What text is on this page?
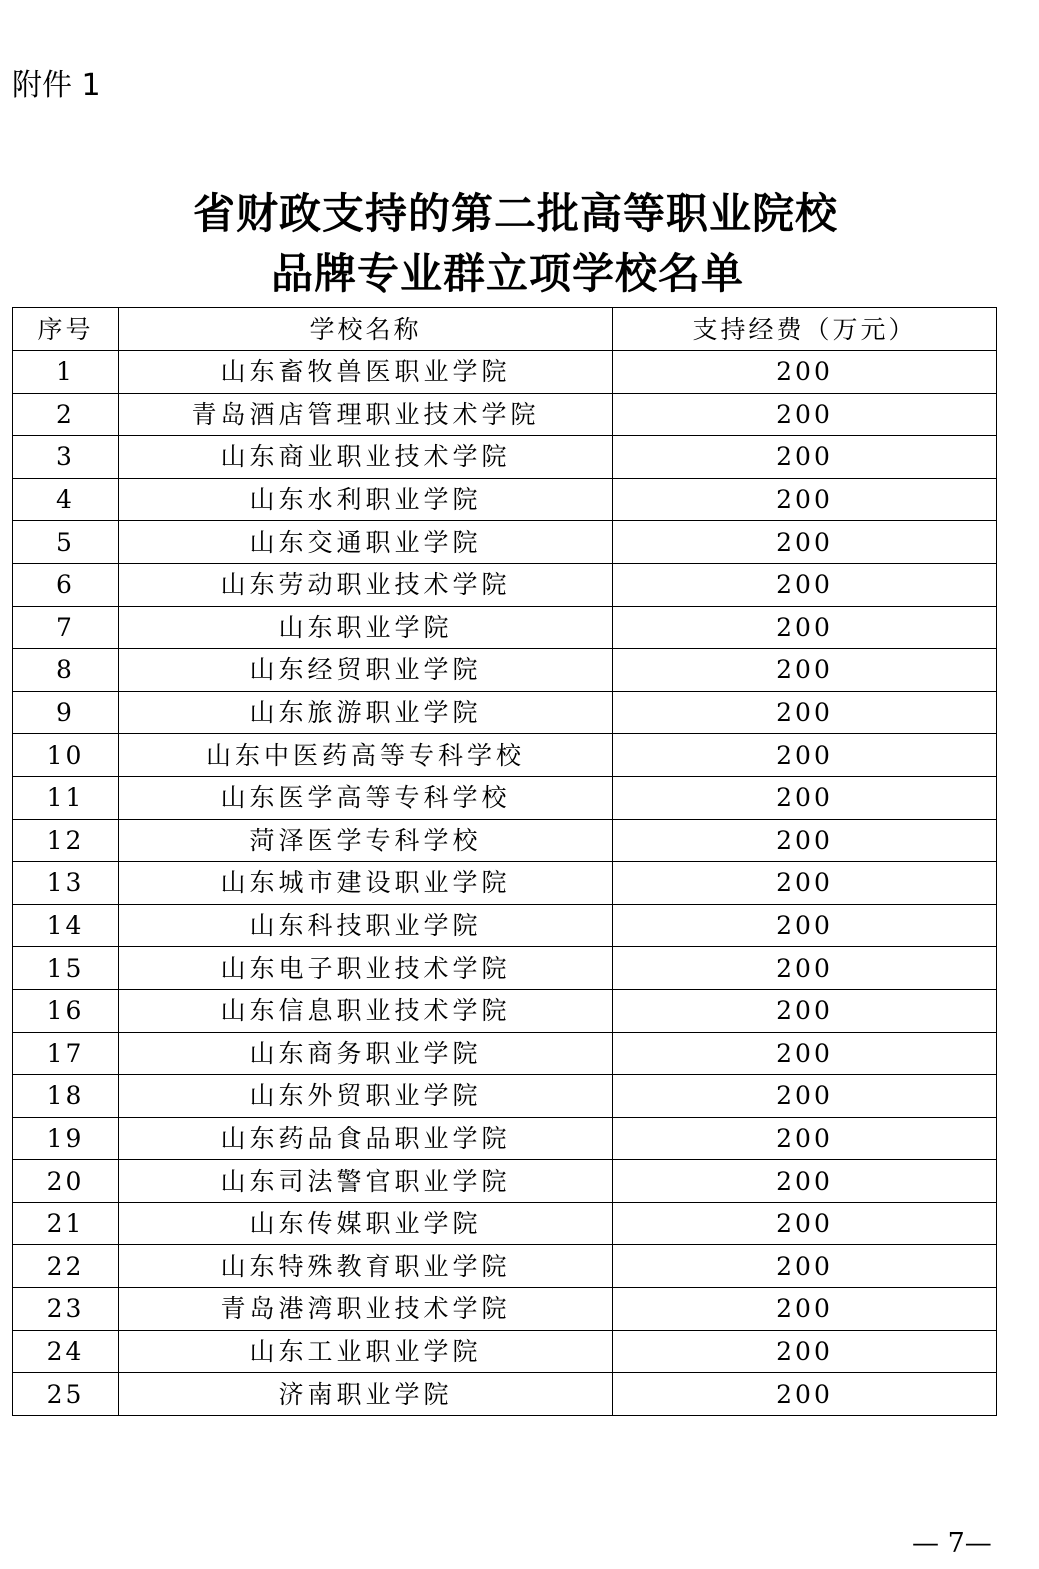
附件 1
省财政支持的第二批高等职业院校
品牌专业群立项学校名单
序号	学校名称	支持经费（万元）
1	山东畜牧兽医职业学院	200
2	青岛酒店管理职业技术学院	200
3	山东商业职业技术学院	200
4	山东水利职业学院	200
5	山东交通职业学院	200
6	山东劳动职业技术学院	200
7	山东职业学院	200
8	山东经贸职业学院	200
9	山东旅游职业学院	200
10	山东中医药高等专科学校	200
11	山东医学高等专科学校	200
12	菏泽医学专科学校	200
13	山东城市建设职业学院	200
14	山东科技职业学院	200
15	山东电子职业技术学院	200
16	山东信息职业技术学院	200
17	山东商务职业学院	200
18	山东外贸职业学院	200
19	山东药品食品职业学院	200
20	山东司法警官职业学院	200
21	山东传媒职业学院	200
22	山东特殊教育职业学院	200
23	青岛港湾职业技术学院	200
24	山东工业职业学院	200
25	济南职业学院	200
— 7—
